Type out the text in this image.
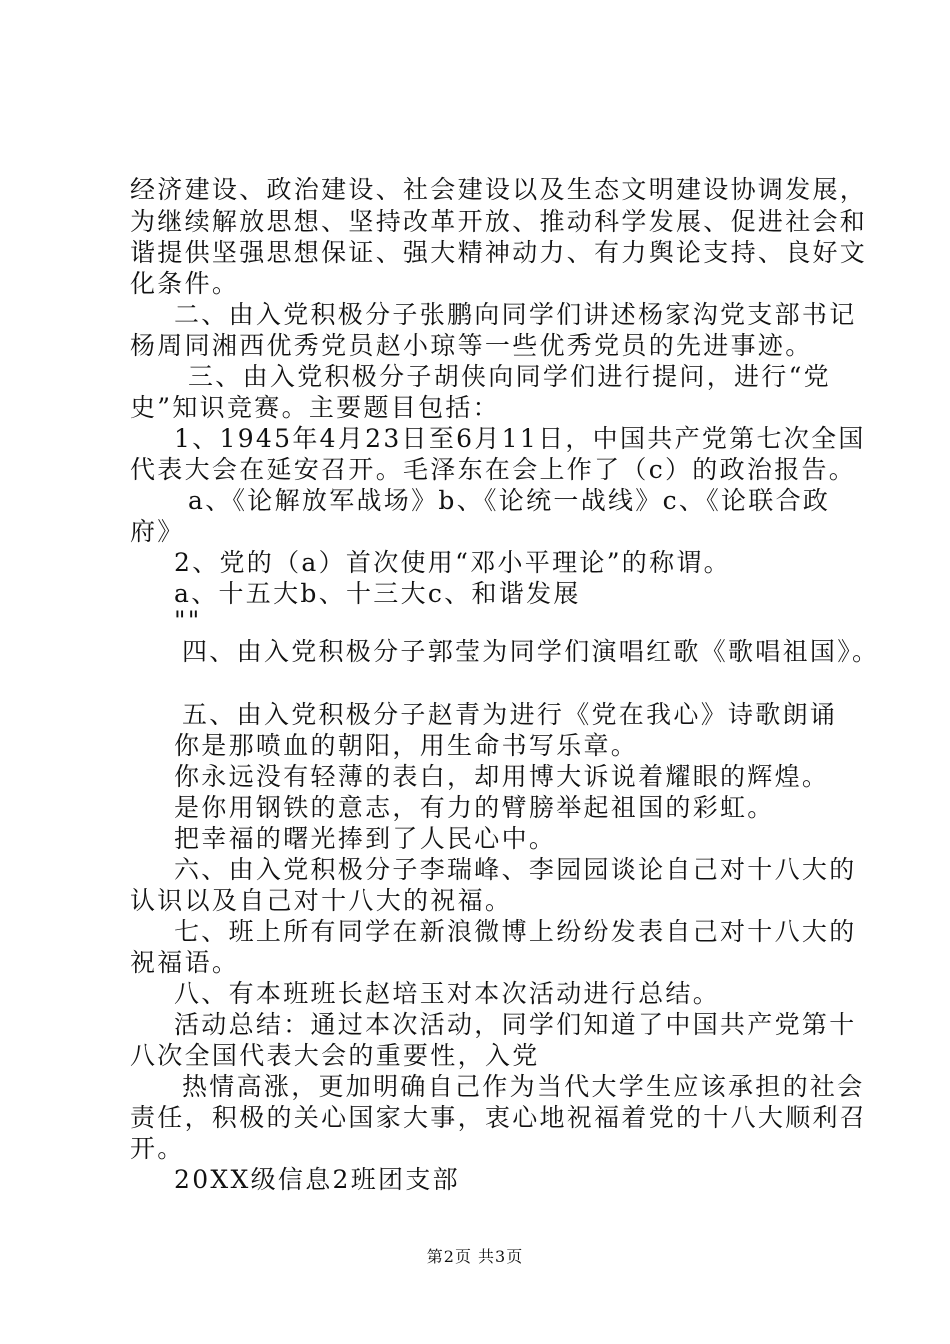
经济建设、政治建设、社会建设以及生态文明建设协调发展，
为继续解放思想、坚持改革开放、推动科学发展、促进社会和
谐提供坚强思想保证、强大精神动力、有力舆论支持、良好文
化条件。
二、由入党积极分子张鹏向同学们讲述杨家沟党支部书记
杨周同湘西优秀党员赵小琼等一些优秀党员的先进事迹。
三、由入党积极分子胡侠向同学们进行提问，进行“党
史”知识竞赛。主要题目包括：
1、1945年4月23日至6月11日，中国共产党第七次全国
代表大会在延安召开。毛泽东在会上作了（c）的政治报告。
a、《论解放军战场》b、《论统一战线》c、《论联合政
府》
2、党的（a）首次使用“邓小平理论”的称谓。
a、十五大b、十三大c、和谐发展
""
四、由入党积极分子郭莹为同学们演唱红歌《歌唱祖国》。
五、由入党积极分子赵青为进行《党在我心》诗歌朗诵
你是那喷血的朝阳，用生命书写乐章。
你永远没有轻薄的表白，却用博大诉说着耀眼的辉煌。
是你用钢铁的意志，有力的臂膀举起祖国的彩虹。
把幸福的曙光捧到了人民心中。
六、由入党积极分子李瑞峰、李园园谈论自己对十八大的
认识以及自己对十八大的祝福。
七、班上所有同学在新浪微博上纷纷发表自己对十八大的
祝福语。
八、有本班班长赵培玉对本次活动进行总结。
活动总结：通过本次活动，同学们知道了中国共产党第十
八次全国代表大会的重要性，入党
热情高涨，更加明确自己作为当代大学生应该承担的社会
责任，积极的关心国家大事，衷心地祝福着党的十八大顺利召
开。
20XX级信息2班团支部
第2页 共3页
